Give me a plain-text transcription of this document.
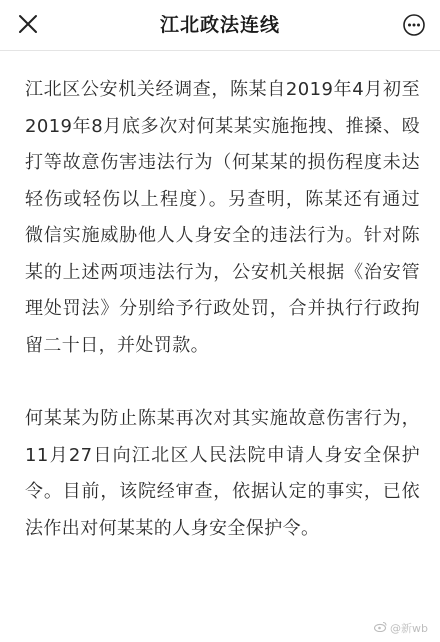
江北政法连线

江北区公安机关经调查，陈某自2019年4月初至2019年8月底多次对何某某实施拖拽、推搡、殴打等故意伤害违法行为（何某某的损伤程度未达轻伤或轻伤以上程度）。另查明，陈某还有通过微信实施威胁他人人身安全的违法行为。针对陈某的上述两项违法行为，公安机关根据《治安管理处罚法》分别给予行政处罚，合并执行行政拘留二十日，并处罚款。

何某某为防止陈某再次对其实施故意伤害行为，11月27日向江北区人民法院申请人身安全保护令。目前，该院经审查，依据认定的事实，已依法作出对何某某的人身安全保护令。

@新wb
